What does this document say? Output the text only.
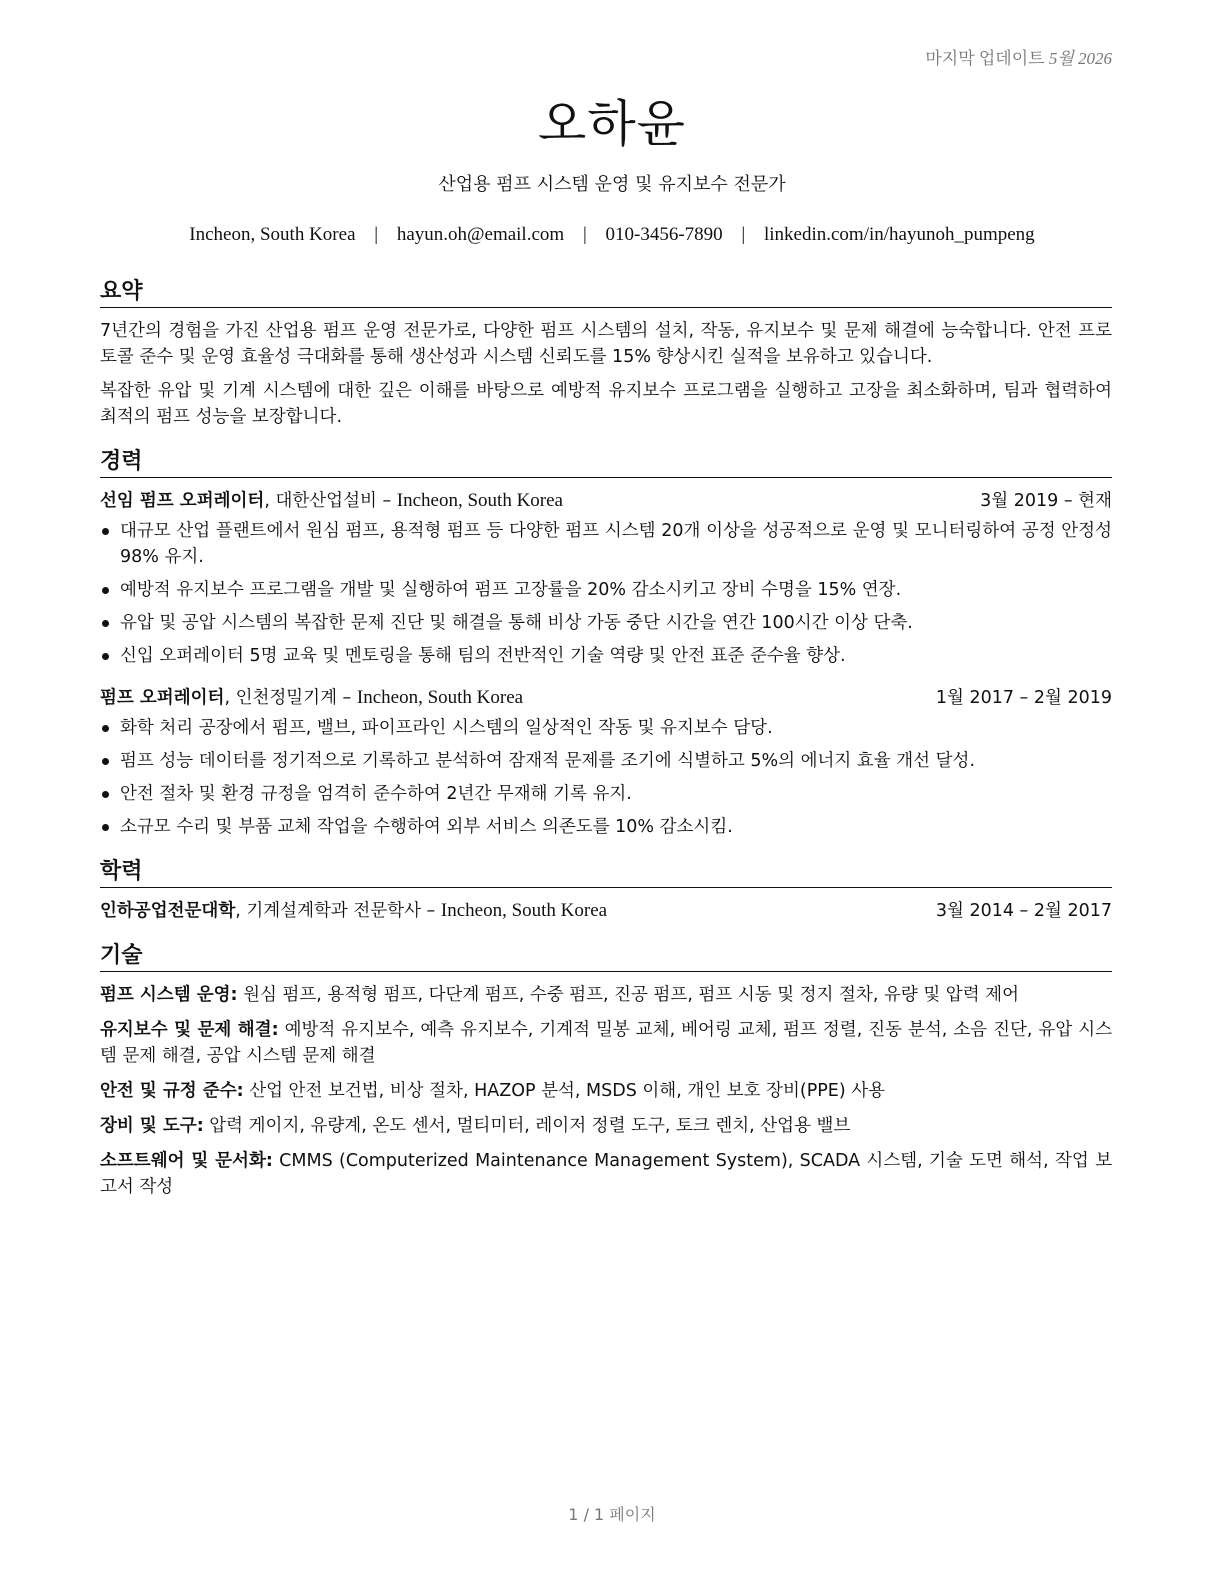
마지막 업데이트 5월 2026
오하윤
산업용 펌프 시스템 운영 및 유지보수 전문가
Incheon, South Korea | hayun.oh@email.com | 010-3456-7890 | linkedin.com/in/hayunoh_pumpeng
요약

7년간의 경험을 가진 산업용 펌프 운영 전문가로, 다양한 펌프 시스템의 설치, 작동, 유지보수 및 문제 해결에 능숙합니다. 안전 프로토콜 준수 및 운영 효율성 극대화를 통해 생산성과 시스템 신뢰도를 15% 향상시킨 실적을 보유하고 있습니다.

복잡한 유압 및 기계 시스템에 대한 깊은 이해를 바탕으로 예방적 유지보수 프로그램을 실행하고 고장을 최소화하며, 팀과 협력하여 최적의 펌프 성능을 보장합니다.

경력
선임 펌프 오퍼레이터, 대한산업설비 – Incheon, South Korea	3월 2019 – 현재
대규모 산업 플랜트에서 원심 펌프, 용적형 펌프 등 다양한 펌프 시스템 20개 이상을 성공적으로 운영 및 모니터링하여 공정 안정성 98% 유지.
예방적 유지보수 프로그램을 개발 및 실행하여 펌프 고장률을 20% 감소시키고 장비 수명을 15% 연장.
유압 및 공압 시스템의 복잡한 문제 진단 및 해결을 통해 비상 가동 중단 시간을 연간 100시간 이상 단축.
신입 오퍼레이터 5명 교육 및 멘토링을 통해 팀의 전반적인 기술 역량 및 안전 표준 준수율 향상.
펌프 오퍼레이터, 인천정밀기계 – Incheon, South Korea	1월 2017 – 2월 2019
화학 처리 공장에서 펌프, 밸브, 파이프라인 시스템의 일상적인 작동 및 유지보수 담당.
펌프 성능 데이터를 정기적으로 기록하고 분석하여 잠재적 문제를 조기에 식별하고 5%의 에너지 효율 개선 달성.
안전 절차 및 환경 규정을 엄격히 준수하여 2년간 무재해 기록 유지.
소규모 수리 및 부품 교체 작업을 수행하여 외부 서비스 의존도를 10% 감소시킴.
학력
인하공업전문대학, 기계설계학과 전문학사 – Incheon, South Korea	3월 2014 – 2월 2017
기술
펌프 시스템 운영: 원심 펌프, 용적형 펌프, 다단계 펌프, 수중 펌프, 진공 펌프, 펌프 시동 및 정지 절차, 유량 및 압력 제어
유지보수 및 문제 해결: 예방적 유지보수, 예측 유지보수, 기계적 밀봉 교체, 베어링 교체, 펌프 정렬, 진동 분석, 소음 진단, 유압 시스템 문제 해결, 공압 시스템 문제 해결
안전 및 규정 준수: 산업 안전 보건법, 비상 절차, HAZOP 분석, MSDS 이해, 개인 보호 장비(PPE) 사용
장비 및 도구: 압력 게이지, 유량계, 온도 센서, 멀티미터, 레이저 정렬 도구, 토크 렌치, 산업용 밸브
소프트웨어 및 문서화: CMMS (Computerized Maintenance Management System), SCADA 시스템, 기술 도면 해석, 작업 보고서 작성
1 / 1 페이지
